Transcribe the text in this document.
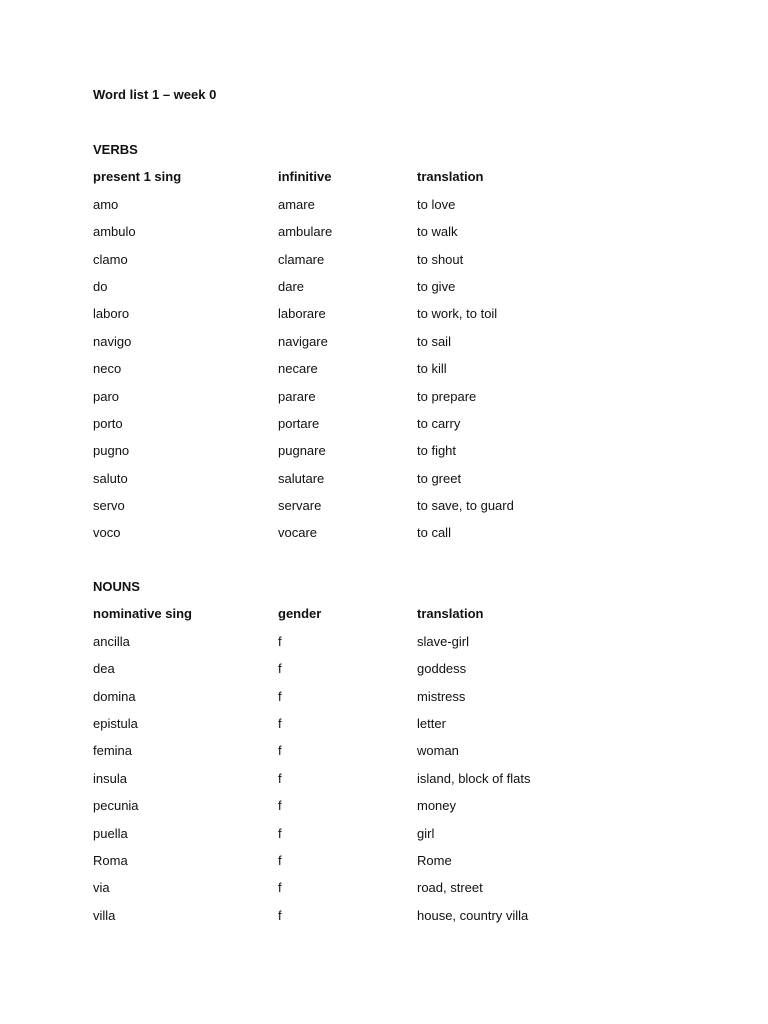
Word list 1 – week 0
VERBS
present 1 sing	infinitive	translation
amo	amare	to love
ambulo	ambulare	to walk
clamo	clamare	to shout
do	dare	to give
laboro	laborare	to work, to toil
navigo	navigare	to sail
neco	necare	to kill
paro	parare	to prepare
porto	portare	to carry
pugno	pugnare	to fight
saluto	salutare	to greet
servo	servare	to save, to guard
voco	vocare	to call
NOUNS
nominative sing	gender	translation
ancilla	f	slave-girl
dea	f	goddess
domina	f	mistress
epistula	f	letter
femina	f	woman
insula	f	island, block of flats
pecunia	f	money
puella	f	girl
Roma	f	Rome
via	f	road, street
villa	f	house, country villa
